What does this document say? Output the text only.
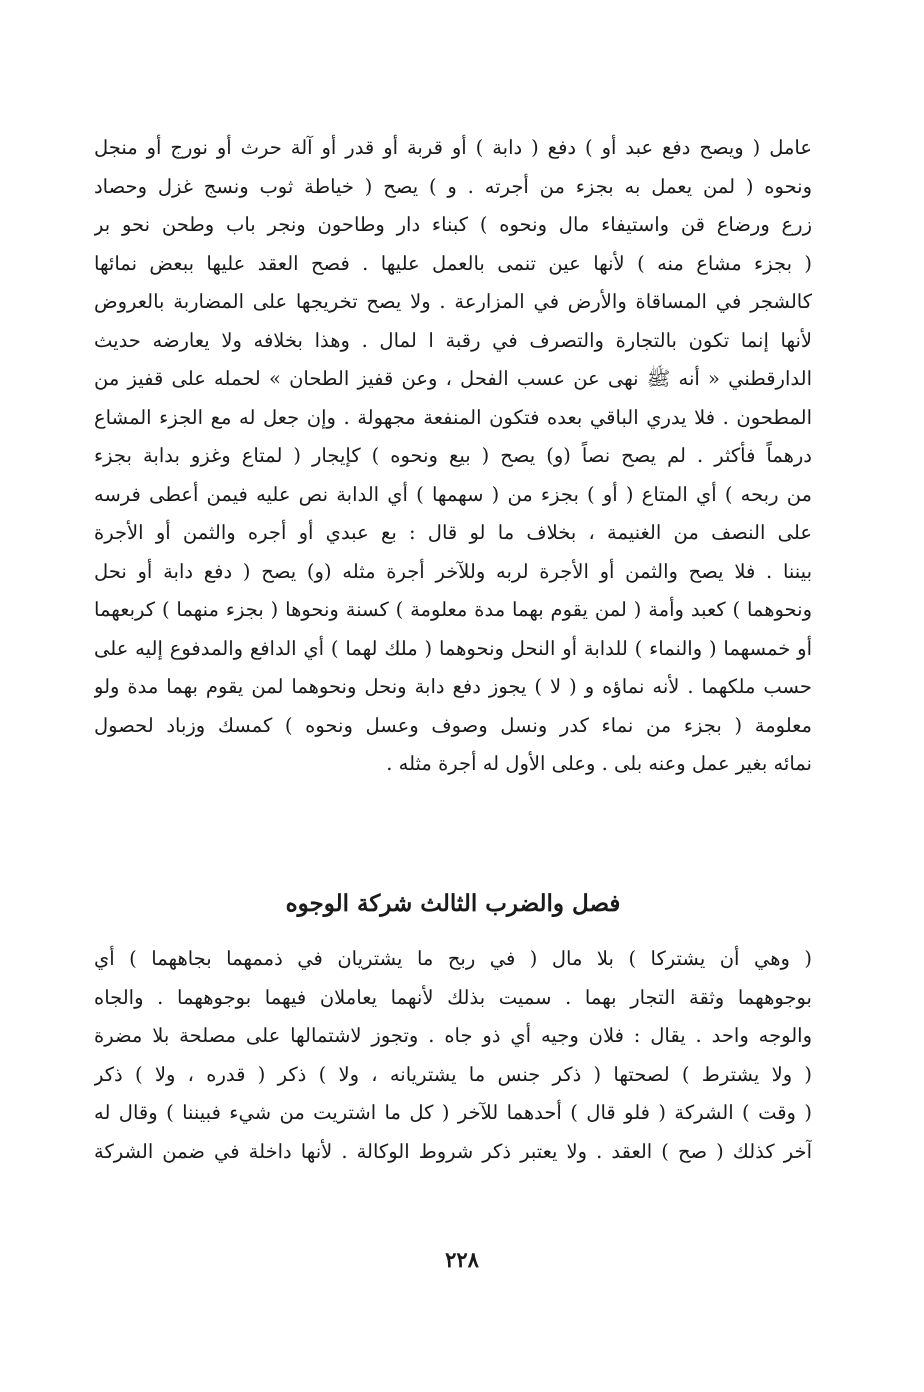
عامل ( ويصح دفع عبد أو ) دفع ( دابة ) أو قربة أو قدر أو آلة حرث أو نورج أو منجل
ونحوه ( لمن يعمل به بجزء من أجرته . و ) يصح ( خياطة ثوب ونسج غزل وحصاد
زرع ورضاع قن واستيفاء مال ونحوه ) كبناء دار وطاحون ونجر باب وطحن نحو بر
( بجزء مشاع منه ) لأنها عين تنمى بالعمل عليها . فصح العقد عليها ببعض نمائها
كالشجر في المساقاة والأرض في المزارعة . ولا يصح تخريجها على المضاربة بالعروض
لأنها إنما تكون بالتجارة والتصرف في رقبة ا لمال . وهذا بخلافه ولا يعارضه حديث
الدارقطني « أنه ﷺ نهى عن عسب الفحل ، وعن قفيز الطحان » لحمله على قفيز من
المطحون . فلا يدري الباقي بعده فتكون المنفعة مجهولة . وإن جعل له مع الجزء المشاع
درهماً فأكثر . لم يصح نصاً (و) يصح ( بيع ونحوه ) كإيجار ( لمتاع وغزو بدابة بجزء
من ربحه ) أي المتاع ( أو ) بجزء من ( سهمها ) أي الدابة نص عليه فيمن أعطى فرسه
على النصف من الغنيمة ، بخلاف ما لو قال : بع عبدي أو أجره والثمن أو الأجرة
بيننا . فلا يصح والثمن أو الأجرة لربه وللآخر أجرة مثله (و) يصح ( دفع دابة أو نحل
ونحوهما ) كعبد وأمة ( لمن يقوم بهما مدة معلومة ) كسنة ونحوها ( بجزء منهما ) كربعهما
أو خمسهما ( والنماء ) للدابة أو النحل ونحوهما ( ملك لهما ) أي الدافع والمدفوع إليه على
حسب ملكهما . لأنه نماؤه و ( لا ) يجوز دفع دابة ونحل ونحوهما لمن يقوم بهما مدة ولو
معلومة ( بجزء من نماء كدر ونسل وصوف وعسل ونحوه ) كمسك وزباد لحصول
نمائه بغير عمل وعنه بلى . وعلى الأول له أجرة مثله .
فصل والضرب الثالث شركة الوجوه
( وهي أن يشتركا ) بلا مال ( في ربح ما يشتريان في ذممهما بجاههما ) أي
بوجوههما وثقة التجار بهما . سميت بذلك لأنهما يعاملان فيهما بوجوههما . والجاه
والوجه واحد . يقال : فلان وجيه أي ذو جاه . وتجوز لاشتمالها على مصلحة بلا مضرة
( ولا يشترط ) لصحتها ( ذكر جنس ما يشتريانه ، ولا ) ذكر ( قدره ، ولا ) ذكر
( وقت ) الشركة ( فلو قال ) أحدهما للآخر ( كل ما اشتريت من شيء فبيننا ) وقال له
آخر كذلك ( صح ) العقد . ولا يعتبر ذكر شروط الوكالة . لأنها داخلة في ضمن الشركة
٢٢٨
